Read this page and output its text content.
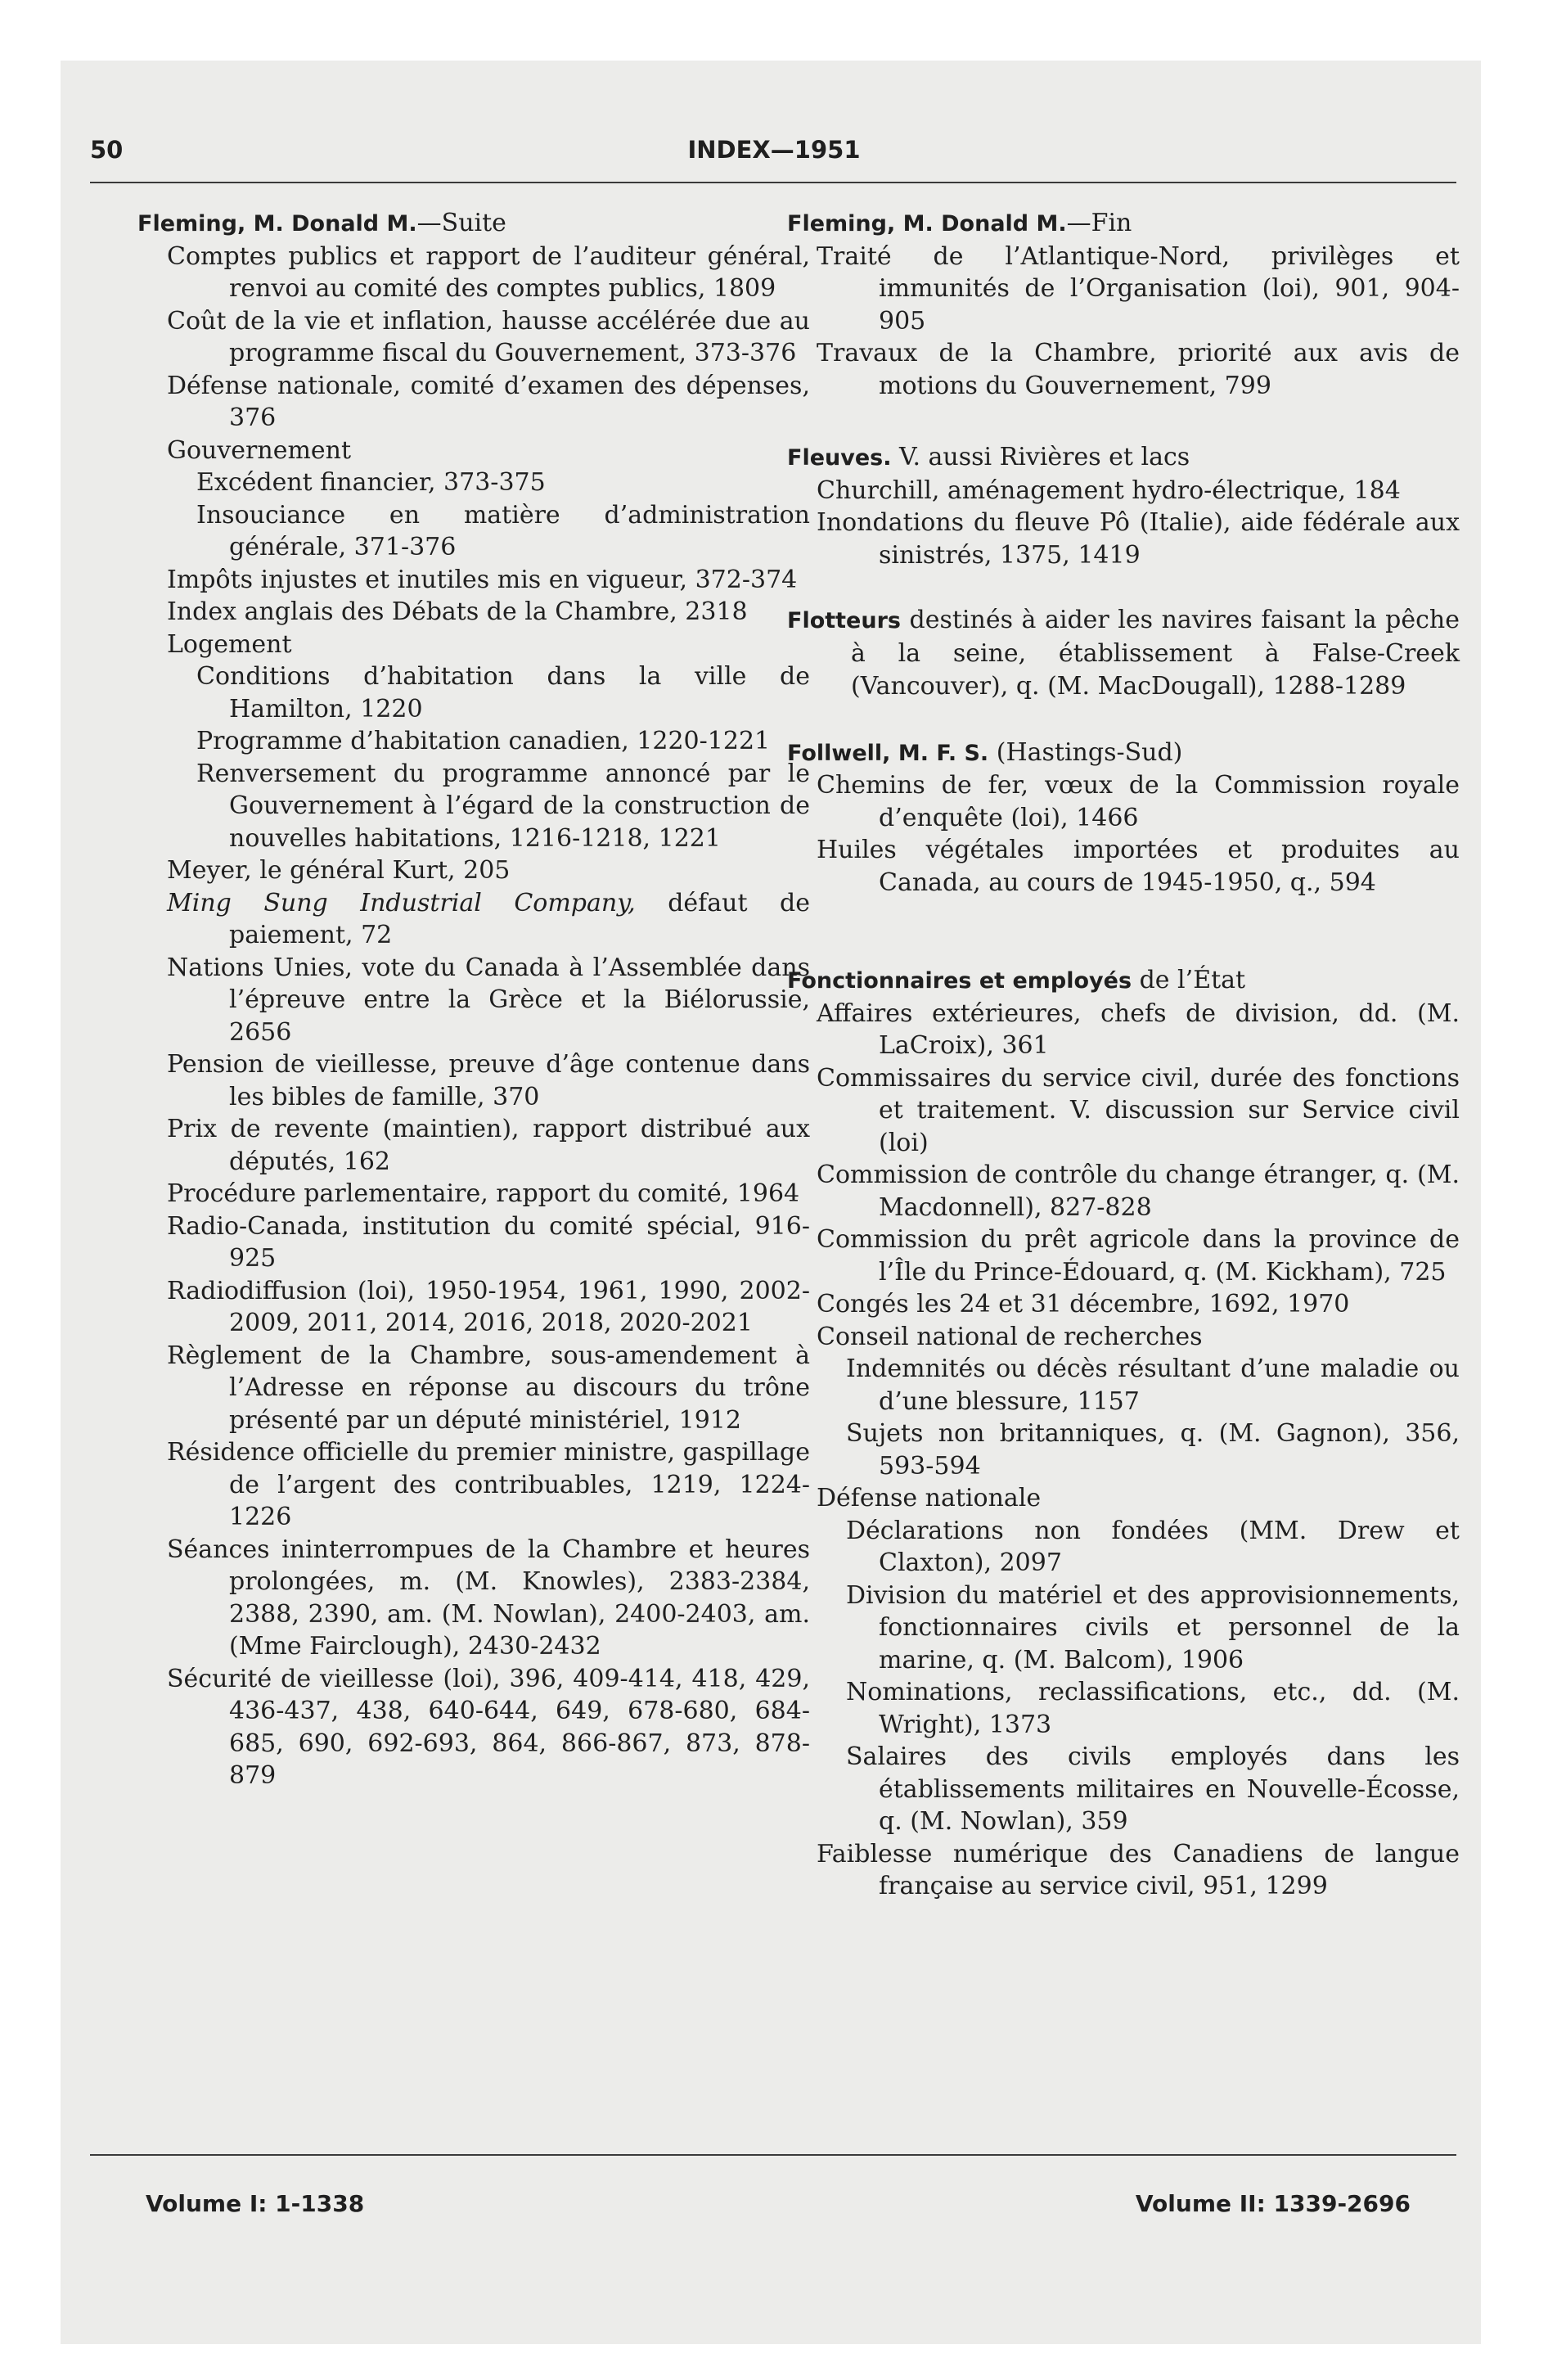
50	INDEX—1951
Fleming, M. Donald M.—Suite
Comptes publics et rapport de l’auditeur général, renvoi au comité des comptes publics, 1809
Coût de la vie et inflation, hausse accélérée due au programme fiscal du Gouvernement, 373-376
Défense nationale, comité d’examen des dépenses, 376
Gouvernement
Excédent financier, 373-375
Insouciance en matière d’administration générale, 371-376
Impôts injustes et inutiles mis en vigueur, 372-374
Index anglais des Débats de la Chambre, 2318
Logement
Conditions d’habitation dans la ville de Hamilton, 1220
Programme d’habitation canadien, 1220-1221
Renversement du programme annoncé par le Gouvernement à l’égard de la construction de nouvelles habitations, 1216-1218, 1221
Meyer, le général Kurt, 205
Ming Sung Industrial Company, défaut de paiement, 72
Nations Unies, vote du Canada à l’Assemblée dans l’épreuve entre la Grèce et la Biélorussie, 2656
Pension de vieillesse, preuve d’âge contenue dans les bibles de famille, 370
Prix de revente (maintien), rapport distribué aux députés, 162
Procédure parlementaire, rapport du comité, 1964
Radio-Canada, institution du comité spécial, 916-925
Radiodiffusion (loi), 1950-1954, 1961, 1990, 2002-2009, 2011, 2014, 2016, 2018, 2020-2021
Règlement de la Chambre, sous-amendement à l’Adresse en réponse au discours du trône présenté par un député ministériel, 1912
Résidence officielle du premier ministre, gaspillage de l’argent des contribuables, 1219, 1224-1226
Séances ininterrompues de la Chambre et heures prolongées, m. (M. Knowles), 2383-2384, 2388, 2390, am. (M. Nowlan), 2400-2403, am. (Mme Fairclough), 2430-2432
Sécurité de vieillesse (loi), 396, 409-414, 418, 429, 436-437, 438, 640-644, 649, 678-680, 684-685, 690, 692-693, 864, 866-867, 873, 878-879
Fleming, M. Donald M.—Fin
Traité de l’Atlantique-Nord, privilèges et immunités de l’Organisation (loi), 901, 904-905
Travaux de la Chambre, priorité aux avis de motions du Gouvernement, 799
Fleuves. V. aussi Rivières et lacs
Churchill, aménagement hydro-électrique, 184
Inondations du fleuve Pô (Italie), aide fédérale aux sinistrés, 1375, 1419
Flotteurs destinés à aider les navires faisant la pêche à la seine, établissement à False-Creek (Vancouver), q. (M. MacDougall), 1288-1289
Follwell, M. F. S. (Hastings-Sud)
Chemins de fer, vœux de la Commission royale d’enquête (loi), 1466
Huiles végétales importées et produites au Canada, au cours de 1945-1950, q., 594
Fonctionnaires et employés de l’État
Affaires extérieures, chefs de division, dd. (M. LaCroix), 361
Commissaires du service civil, durée des fonctions et traitement. V. discussion sur Service civil (loi)
Commission de contrôle du change étranger, q. (M. Macdonnell), 827-828
Commission du prêt agricole dans la province de l’Île du Prince-Édouard, q. (M. Kickham), 725
Congés les 24 et 31 décembre, 1692, 1970
Conseil national de recherches
Indemnités ou décès résultant d’une maladie ou d’une blessure, 1157
Sujets non britanniques, q. (M. Gagnon), 356, 593-594
Défense nationale
Déclarations non fondées (MM. Drew et Claxton), 2097
Division du matériel et des approvisionnements, fonctionnaires civils et personnel de la marine, q. (M. Balcom), 1906
Nominations, reclassifications, etc., dd. (M. Wright), 1373
Salaires des civils employés dans les établissements militaires en Nouvelle-Écosse, q. (M. Nowlan), 359
Faiblesse numérique des Canadiens de langue française au service civil, 951, 1299
Volume I: 1-1338	Volume II: 1339-2696
